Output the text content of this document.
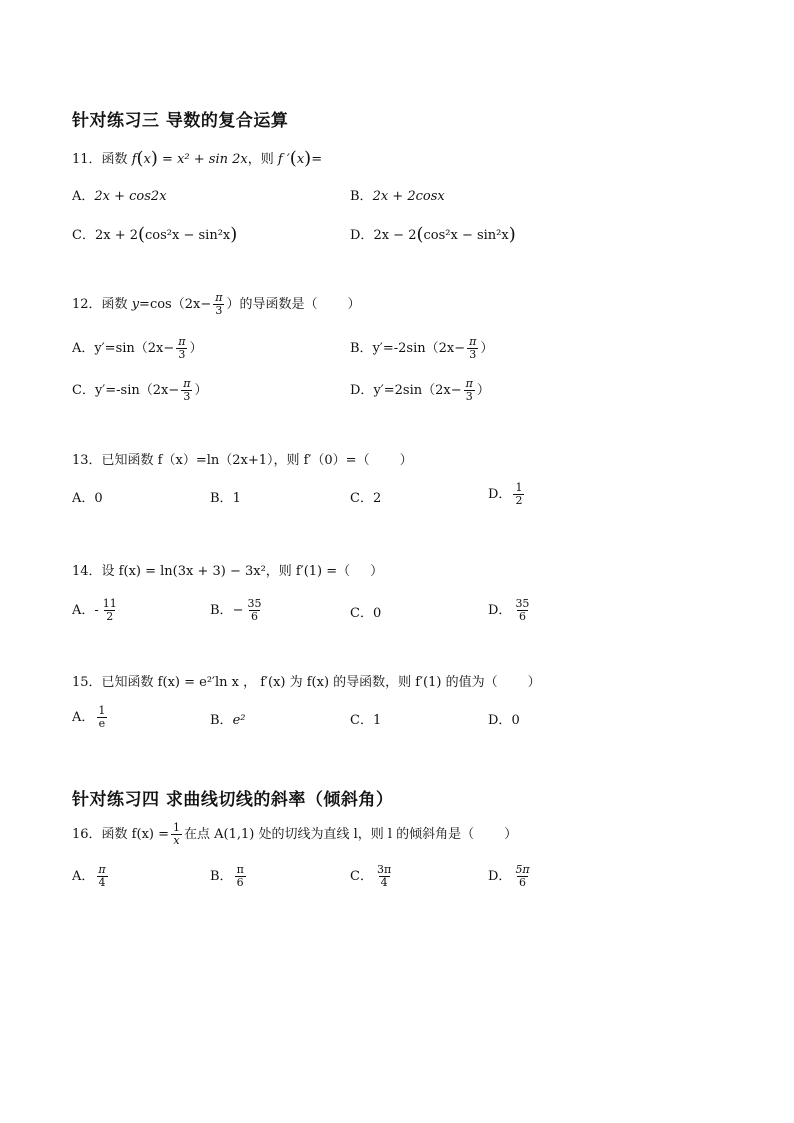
针对练习三 导数的复合运算
11． 函数 f ( x ) = x² + sin 2x ，则 f ′ ( x ) =
A． 2x + cos2x	B． 2x + 2cosx
C． 2x + 2 ( cos²x − sin²x )	D． 2x − 2 ( cos²x − sin²x )
12． 函数 $y =\cos(2x- \frac{\pi}{3}$ ）的导函数是（ ）
A． $y'=\sin(2x- \frac{\pi}{3}$ ）	B． $y'=-2\sin(2x- \frac{\pi}{3}$ ）
C． $y'=-\sin(2x- \frac{\pi}{3}$ ）	D． $y'=2\sin(2x- \frac{\pi}{3}$ ）
13． 已知函数 f（x）=ln（2x+1），则 f′（0）=（ ）
A． 0	B． 1	C． 2	D． $\frac{1}{2}$
14． 设 f(x) = ln(3x + 3) − 3x²，则 f′(1) =（ ）
A． - $\frac{11}{2}$	B． − $\frac{35}{6}$	C． 0	D． $\frac{35}{6}$
15． 已知函数 f(x) = e²′ln x ， f′(x) 为 f(x) 的导函数，则 f′(1) 的值为（ ）
A． $\frac{1}{e}$	B． e²	C． 1	D． 0
针对练习四 求曲线切线的斜率（倾斜角）
16． 函数 $f(x) = \frac{1}{x}$ 在点 A(1,1) 处的切线为直线 l，则 l 的倾斜角是（ ）
A． $\frac{\pi}{4}$	B． $\frac{\pi}{6}$	C． $\frac{3\pi}{4}$	D． $\frac{5\pi}{6}$
